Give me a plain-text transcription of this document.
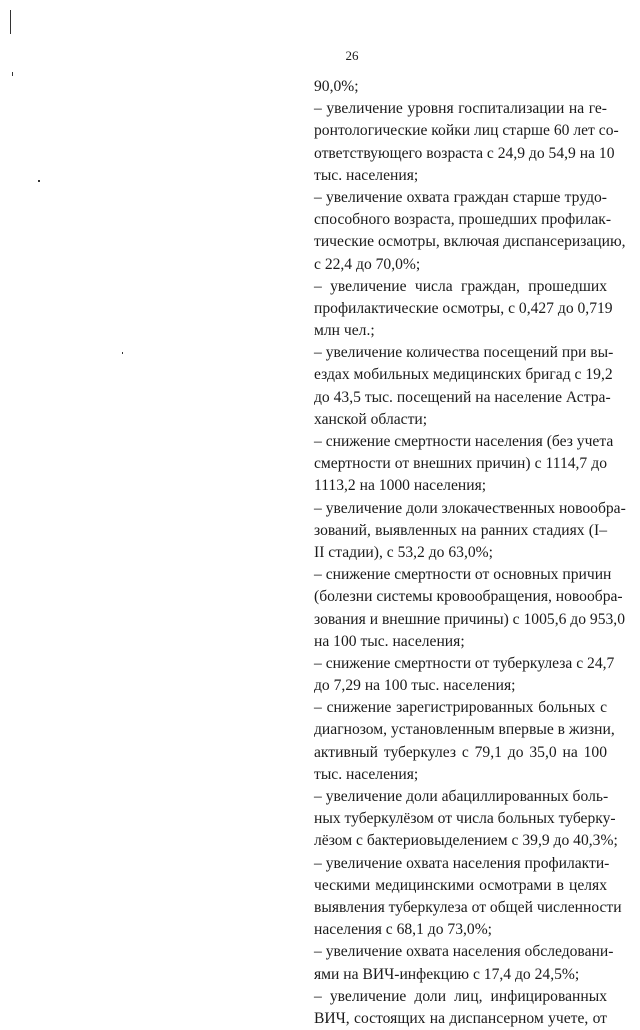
26
90,0%;
– увеличение уровня госпитализации на ге-
ронтологические койки лиц старше 60 лет со-
ответствующего возраста с 24,9 до 54,9 на 10
тыс. населения;
– увеличение охвата граждан старше трудо-
способного возраста, прошедших профилак-
тические осмотры, включая диспансеризацию,
с 22,4 до 70,0%;
– увеличение числа граждан, прошедших
профилактические осмотры, с 0,427 до 0,719
млн чел.;
– увеличение количества посещений при вы-
ездах мобильных медицинских бригад с 19,2
до 43,5 тыс. посещений на население Астра-
ханской области;
– снижение смертности населения (без учета
смертности от внешних причин) с 1114,7 до
1113,2 на 1000 населения;
– увеличение доли злокачественных новообра-
зований, выявленных на ранних стадиях (I–
II стадии), с 53,2 до 63,0%;
– снижение смертности от основных причин
(болезни системы кровообращения, новообра-
зования и внешние причины) с 1005,6 до 953,0
на 100 тыс. населения;
– снижение смертности от туберкулеза с 24,7
до 7,29 на 100 тыс. населения;
– снижение зарегистрированных больных с
диагнозом, установленным впервые в жизни,
активный туберкулез с 79,1 до 35,0 на 100
тыс. населения;
– увеличение доли абациллированных боль-
ных туберкулёзом от числа больных туберку-
лёзом с бактериовыделением с 39,9 до 40,3%;
– увеличение охвата населения профилакти-
ческими медицинскими осмотрами в целях
выявления туберкулеза от общей численности
населения с 68,1 до 73,0%;
– увеличение охвата населения обследовани-
ями на ВИЧ-инфекцию с 17,4 до 24,5%;
– увеличение доли лиц, инфицированных
ВИЧ, состоящих на диспансерном учете, от
